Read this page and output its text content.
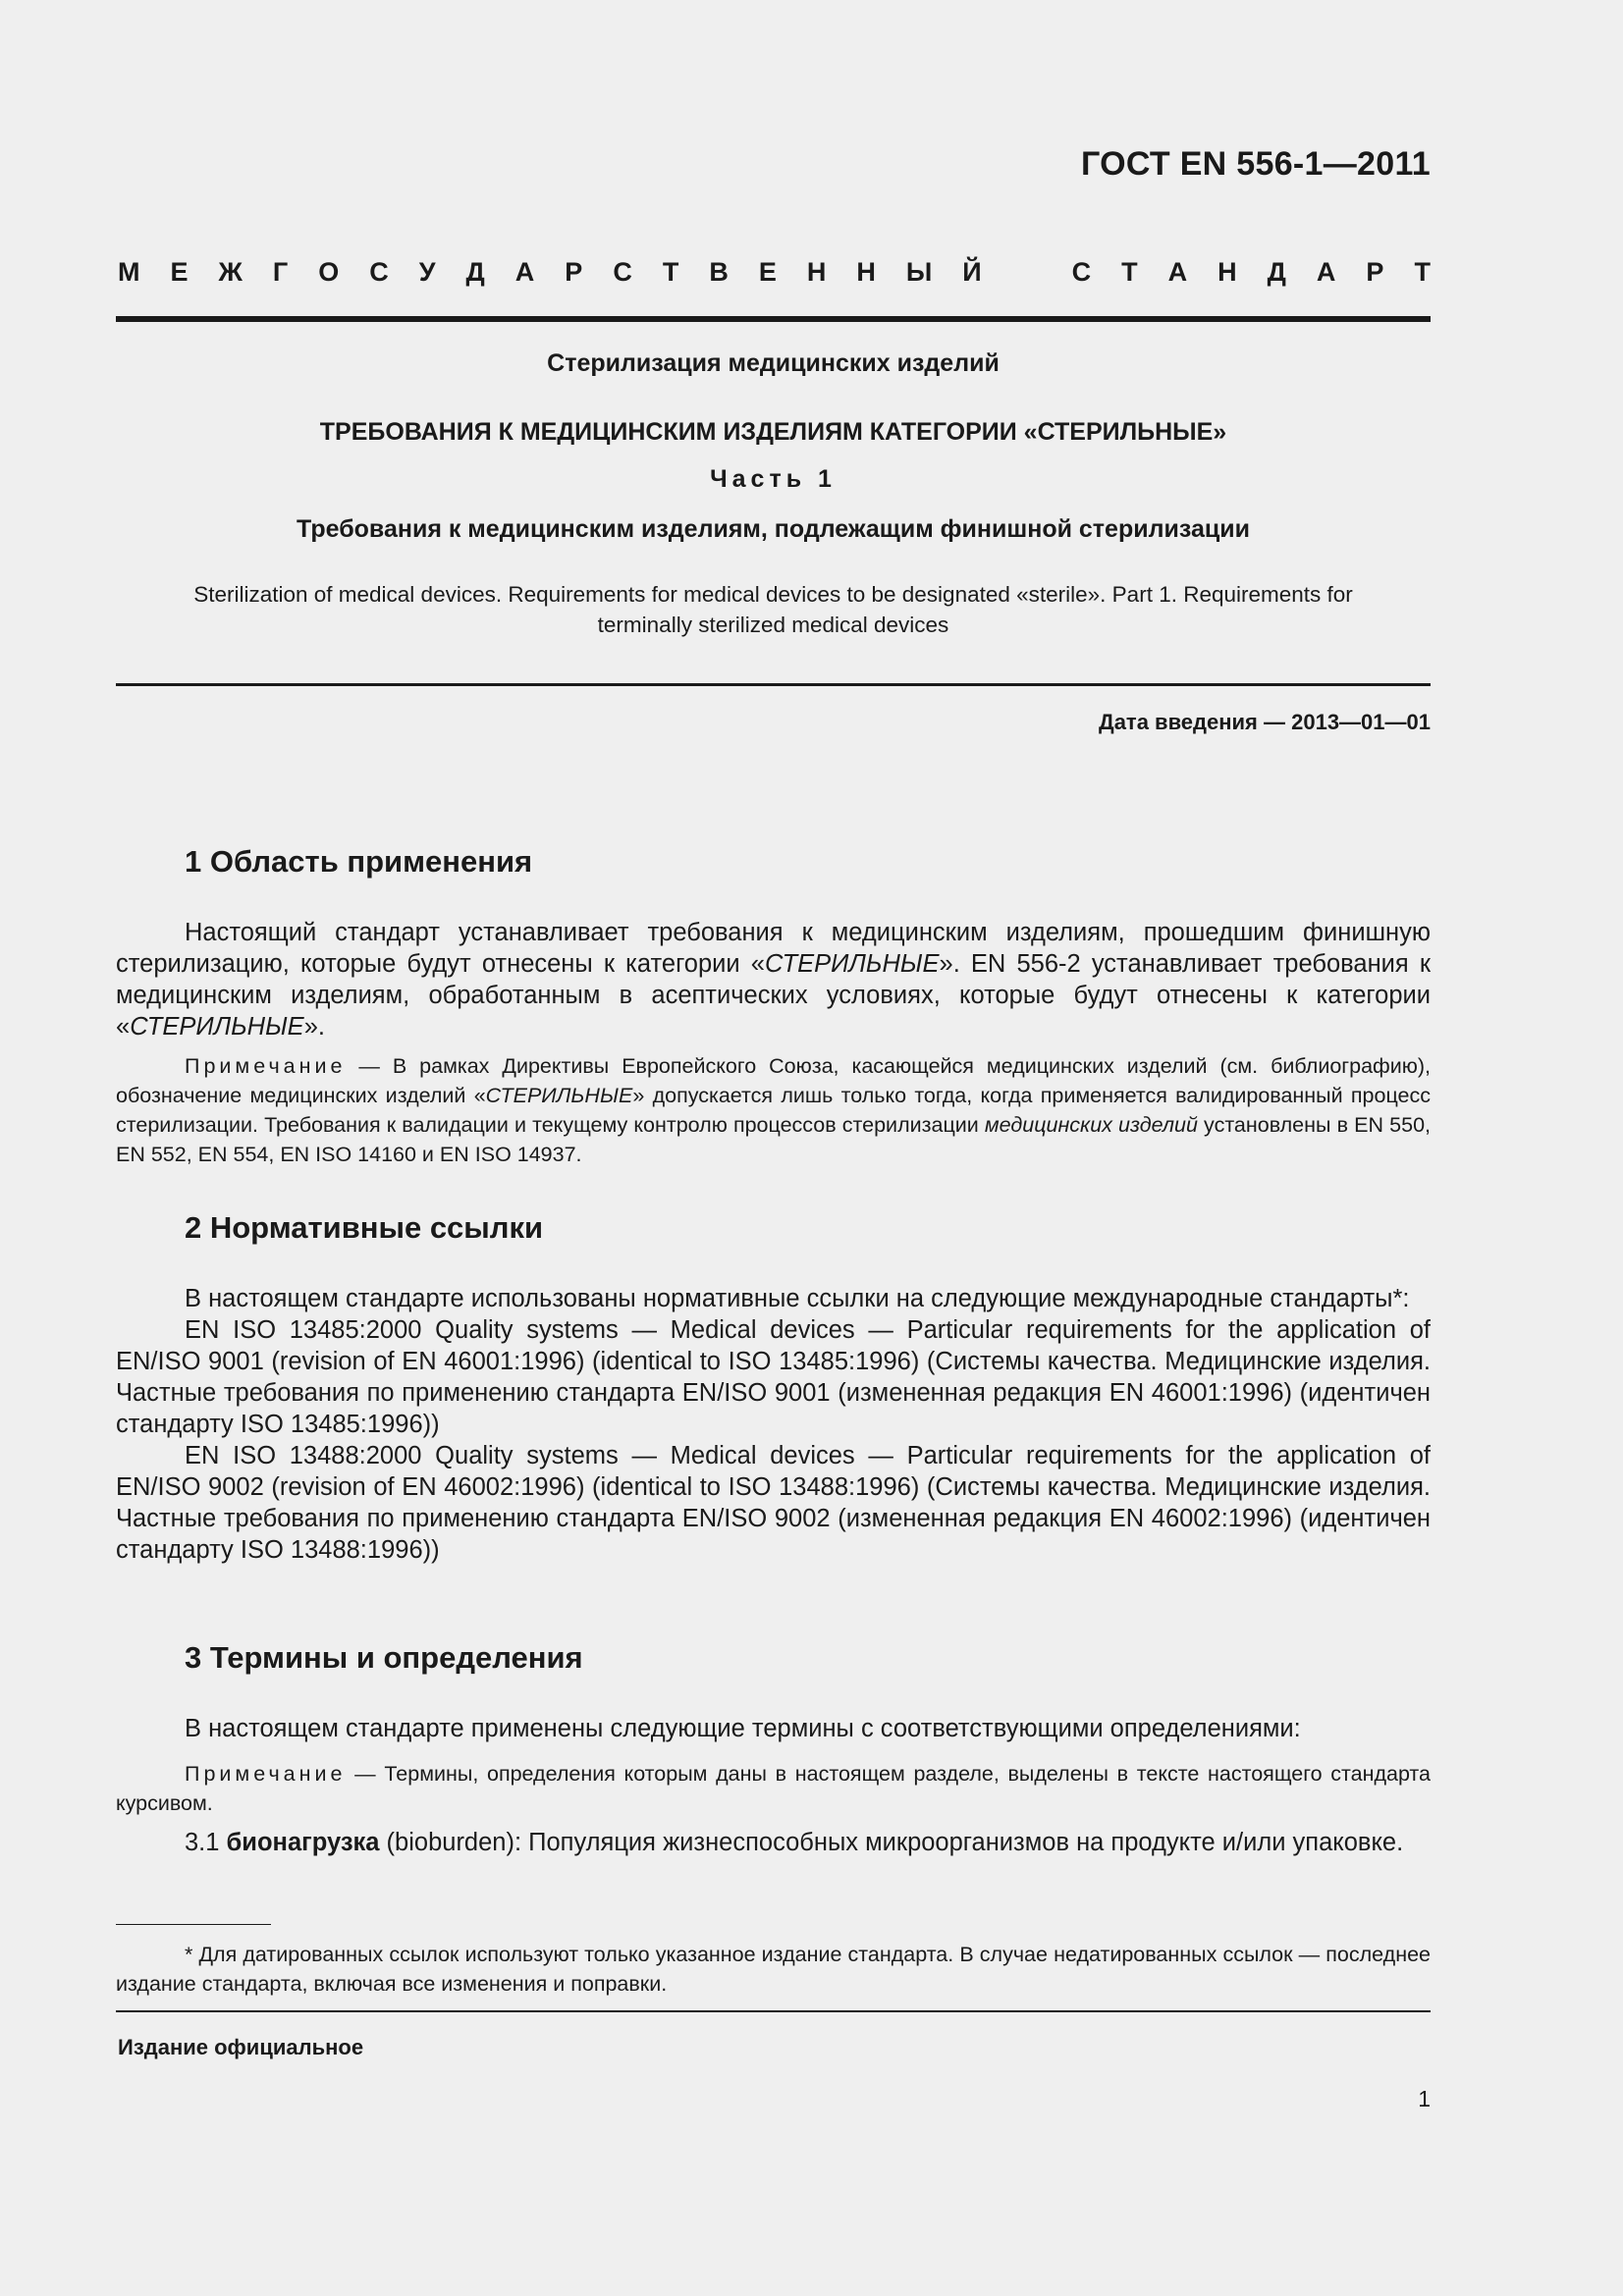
ГОСТ EN 556-1—2011
М Е Ж Г О С У Д А Р С Т В Е Н Н Ы Й	С Т А Н Д А Р Т
Стерилизация медицинских изделий
ТРЕБОВАНИЯ К МЕДИЦИНСКИМ ИЗДЕЛИЯМ КАТЕГОРИИ «СТЕРИЛЬНЫЕ»
Часть 1
Требования к медицинским изделиям, подлежащим финишной стерилизации
Sterilization of medical devices. Requirements for medical devices to be designated «sterile». Part 1. Requirements for
terminally sterilized medical devices
Дата введения — 2013—01—01
1 Область применения

Настоящий стандарт устанавливает требования к медицинским изделиям, прошедшим финишную стерилизацию, которые будут отнесены к категории «СТЕРИЛЬНЫЕ». EN 556-2 устанавливает требования к медицинским изделиям, обработанным в асептических условиях, которые будут отнесены к категории «СТЕРИЛЬНЫЕ».

Примечание — В рамках Директивы Европейского Союза, касающейся медицинских изделий (см. библиографию), обозначение медицинских изделий «СТЕРИЛЬНЫЕ» допускается лишь только тогда, когда применяется валидированный процесс стерилизации. Требования к валидации и текущему контролю процессов стерилизации медицинских изделий установлены в EN 550, EN 552, EN 554, EN ISO 14160 и EN ISO 14937.

2 Нормативные ссылки

В настоящем стандарте использованы нормативные ссылки на следующие международные стандарты*:

EN ISO 13485:2000 Quality systems — Medical devices — Particular requirements for the application of EN/ISO 9001 (revision of EN 46001:1996) (identical to ISO 13485:1996) (Системы качества. Медицинские изделия. Частные требования по применению стандарта EN/ISO 9001 (измененная редакция EN 46001:1996) (идентичен стандарту ISO 13485:1996))

EN ISO 13488:2000 Quality systems — Medical devices — Particular requirements for the application of EN/ISO 9002 (revision of EN 46002:1996) (identical to ISO 13488:1996) (Системы качества. Медицинские изделия. Частные требования по применению стандарта EN/ISO 9002 (измененная редакция EN 46002:1996) (идентичен стандарту ISO 13488:1996))

3 Термины и определения

В настоящем стандарте применены следующие термины с соответствующими определениями:

Примечание — Термины, определения которым даны в настоящем разделе, выделены в тексте настоящего стандарта курсивом.

3.1 бионагрузка (bioburden): Популяция жизнеспособных микроорганизмов на продукте и/или упаковке.

* Для датированных ссылок используют только указанное издание стандарта. В случае недатированных ссылок — последнее издание стандарта, включая все изменения и поправки.

Издание официальное
1
